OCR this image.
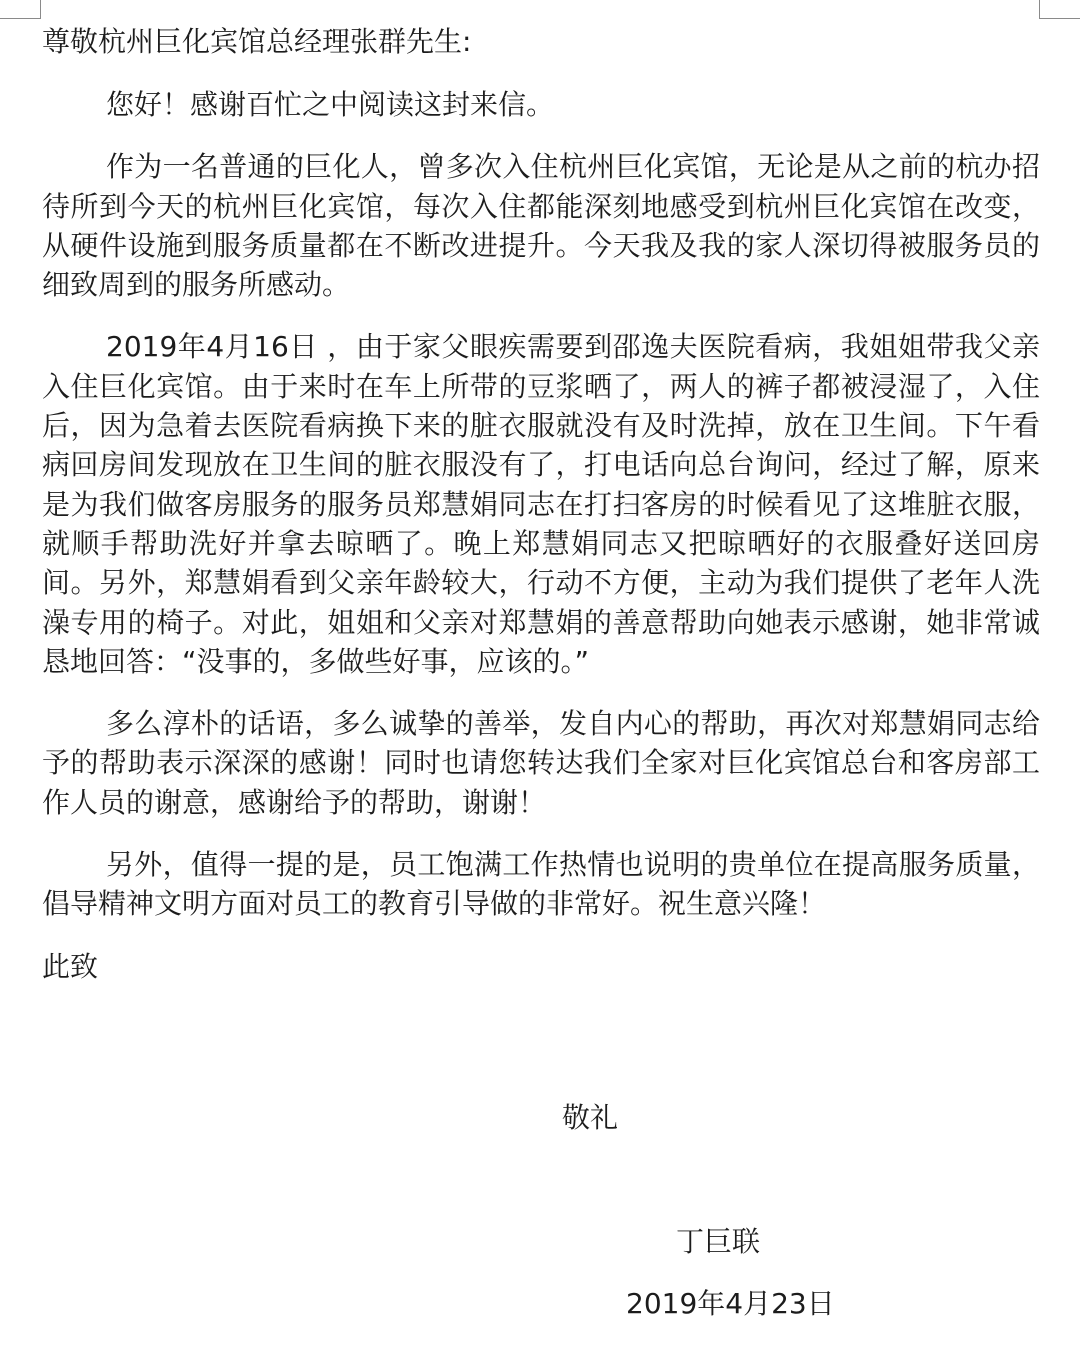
尊敬杭州巨化宾馆总经理张群先生:

您好！感谢百忙之中阅读这封来信。

作为一名普通的巨化人，曾多次入住杭州巨化宾馆，无论是从之前的杭办招待所到今天的杭州巨化宾馆，每次入住都能深刻地感受到杭州巨化宾馆在改变，从硬件设施到服务质量都在不断改进提升。今天我及我的家人深切得被服务员的细致周到的服务所感动。

2019年4月16日 ，由于家父眼疾需要到邵逸夫医院看病，我姐姐带我父亲入住巨化宾馆。由于来时在车上所带的豆浆晒了，两人的裤子都被浸湿了，入住后，因为急着去医院看病换下来的脏衣服就没有及时洗掉，放在卫生间。下午看病回房间发现放在卫生间的脏衣服没有了，打电话向总台询问，经过了解，原来是为我们做客房服务的服务员郑慧娟同志在打扫客房的时候看见了这堆脏衣服，就顺手帮助洗好并拿去晾晒了。晚上郑慧娟同志又把晾晒好的衣服叠好送回房间。另外，郑慧娟看到父亲年龄较大，行动不方便，主动为我们提供了老年人洗澡专用的椅子。对此，姐姐和父亲对郑慧娟的善意帮助向她表示感谢，她非常诚恳地回答：“没事的，多做些好事，应该的。”

多么淳朴的话语，多么诚挚的善举，发自内心的帮助，再次对郑慧娟同志给予的帮助表示深深的感谢！同时也请您转达我们全家对巨化宾馆总台和客房部工作人员的谢意，感谢给予的帮助，谢谢！

另外，值得一提的是，员工饱满工作热情也说明的贵单位在提高服务质量，倡导精神文明方面对员工的教育引导做的非常好。祝生意兴隆！

此致

敬礼
丁巨联
2019年4月23日
